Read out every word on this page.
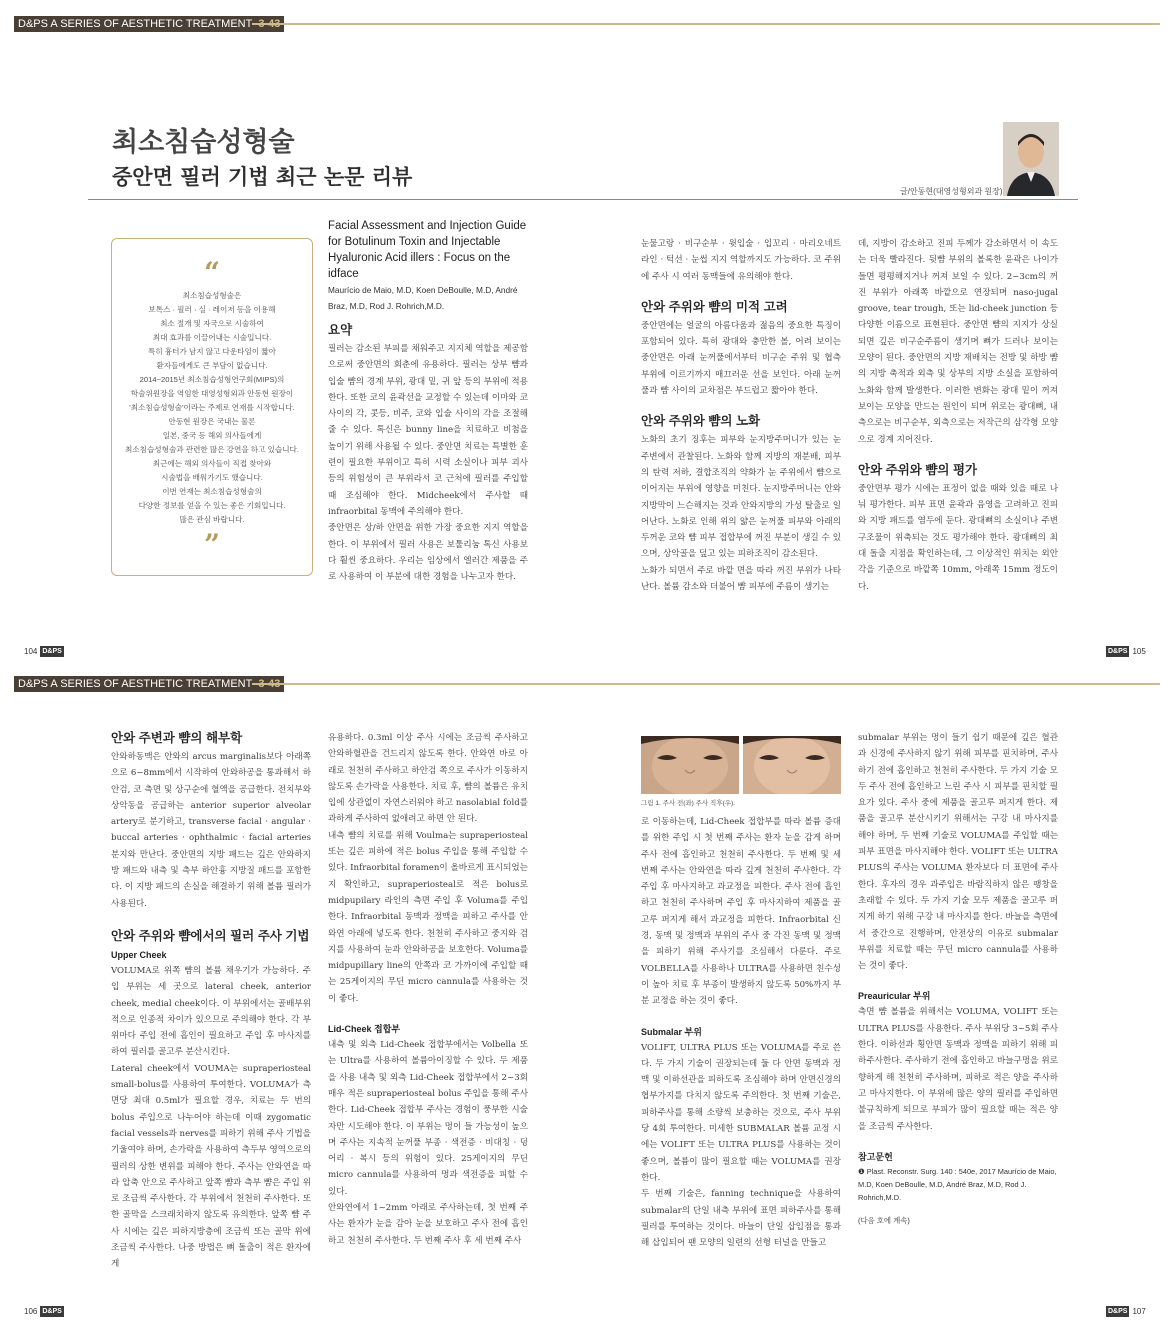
D&PS A SERIES OF AESTHETIC TREATMENT
최소침습성형술
중안면 필러 기법 최근 논문 리뷰
글/안동현(대영성형외과 원장)
“
최소침습성형술은
보톡스 · 필러 · 실 · 레이저 등을 이용해
최소 절개 및 자국으로 시술하여
최대 효과를 이끌어내는 시술입니다.
특히 흉터가 남지 않고 다운타임이 짧아
환자들에게도 큰 부담이 없습니다.
2014~2015년 최소침습성형연구회(MIPS)의
학술위원장을 역임한 대영성형외과 안동현 원장이
'최소침습성형술'이라는 주제로 연재를 시작합니다.
안동현 원장은 국내는 물론
일본, 중국 등 해외 의사들에게
최소침습성형술과 관련한 많은 강연을 하고 있습니다.
최근에는 해외 의사들이 직접 찾아와
시술법을 배워가기도 했습니다.
이번 연재는 최소침습성형술의
다양한 정보를 얻을 수 있는 좋은 기회입니다.
많은 관심 바랍니다.
”
Facial Assessment and Injection Guide for Botulinum Toxin and Injectable Hyaluronic Acid illers : Focus on the idface
Maurício de Maio, M.D, Koen DeBoulle, M.D, André Braz, M.D, Rod J. Rohrich,M.D.
요약
필러는 감소된 부피를 채워주고 지지체 역할을 제공함으로써 중안면의 회춘에 유용하다. 필러는 상부 뺨과 입술 뺨의 경계 부위, 광대 밑, 귀 앞 등의 부위에 적용한다. 또한 코의 윤곽선을 교정할 수 있는데 이마와 코 사이의 각, 콧등, 비주, 코와 입술 사이의 각을 조절해 줄 수 있다. 톡신은 bunny line을 치료하고 비첨을 높이기 위해 사용될 수 있다. 중안면 치료는 특별한 훈련이 필요한 부위이고 특히 시력 소실이나 피부 괴사 등의 위험성이 큰 부위라서 코 근처에 필러를 주입할 때 조심해야 한다. Midcheek에서 주사할 때 infraorbital 동맥에 주의해야 한다.
중안면은 상/하 안면을 위한 가장 중요한 지지 역할을 한다. 이 부위에서 필러 사용은 보툴리눔 톡신 사용보다 훨씬 중요하다. 우리는 임상에서 엘러간 제품을 주로 사용하여 이 부분에 대한 경험을 나누고자 한다.
눈물고랑 · 비구순부 · 윗입술 · 입꼬리 · 마리오네트 라인 · 턱선 · 눈썹 지지 역할까지도 가능하다. 코 주위에 주사 시 여러 동맥들에 유의해야 한다.
안와 주위와 뺨의 미적 고려
중안면에는 얼굴의 아름다움과 젊음의 중요한 특징이 포함되어 있다. 특히 광대와 충만한 볼, 어려 보이는 중안면은 아래 눈꺼풀에서부터 비구순 주위 및 협측 부위에 이르기까지 매끄러운 선을 보인다. 아래 눈꺼풀과 뺨 사이의 교차점은 부드럽고 짧아야 한다.
안와 주위와 뺨의 노화
노화의 초기 징후는 피부와 눈지방주머니가 있는 눈 주변에서 관찰된다. 노화와 함께 지방의 재분배, 피부의 탄력 저하, 결합조직의 약화가 눈 주위에서 뺨으로 이어지는 부위에 영향을 미친다. 눈지방주머니는 안와지방막이 느슨해지는 것과 안와지방의 가성 탈출로 일어난다. 노화로 인해 위의 얇은 눈꺼풀 피부와 아래의 두꺼운 코와 뺨 피부 접합부에 꺼진 부분이 생길 수 있으며, 상악골을 덮고 있는 피하조직이 감소된다.
노화가 되면서 주로 바깥 면을 따라 꺼진 부위가 나타난다. 볼륨 감소와 더불어 뺨 피부에 주름이 생기는
데, 지방이 감소하고 진피 두께가 감소하면서 이 속도는 더욱 빨라진다. 뒷뺨 부위의 볼록한 윤곽은 나이가 들면 평평해지거나 꺼져 보일 수 있다. 2~3cm의 꺼진 부위가 아래쪽 바깥으로 연장되며 naso-jugal groove, tear trough, 또는 lid-cheek junction 등 다양한 이름으로 표현된다. 중안면 뺨의 지지가 상실되면 깊은 비구순주름이 생기며 뼈가 드러나 보이는 모양이 된다. 중안면의 지방 재배치는 전방 및 하방 뺨의 지방 축적과 외측 및 상부의 지방 소실을 포함하여 노화와 함께 발생한다. 이러한 변화는 광대 밑이 꺼져 보이는 모양을 만드는 원인이 되며 위로는 광대뼈, 내측으로는 비구순부, 외측으로는 저작근의 삼각형 모양으로 경계 지어진다.
안와 주위와 뺨의 평가
중안면부 평가 시에는 표정이 없을 때와 있을 때로 나눠 평가한다. 피부 표면 윤곽과 음영을 고려하고 진피와 지방 패드를 염두에 둔다. 광대뼈의 소실이나 주변 구조물이 위축되는 것도 평가해야 한다. 광대뼈의 최대 돌출 지점을 확인하는데, 그 이상적인 위치는 외안각을 기준으로 바깥쪽 10mm, 아래쪽 15mm 정도이다.
104 D&PS	D&PS 105
D&PS A SERIES OF AESTHETIC TREATMENT
안와 주변과 뺨의 해부학
안와하동맥은 안와의 arcus marginalis보다 아래쪽으로 6~8mm에서 시작하여 안와하공을 통과해서 하안검, 코 측면 및 상구순에 혈액을 공급한다. 전치부와 상악동을 공급하는 anterior superior alveolar artery로 분기하고, transverse facial · angular · buccal arteries · ophthalmic · facial arteries 분지와 만난다. 중안면의 지방 패드는 깊은 안와하지방 패드와 내측 및 측부 하안흉 지방질 패드를 포함한다. 이 지방 패드의 손실을 해결하기 위해 볼륨 필러가 사용된다.
안와 주위와 뺨에서의 필러 주사 기법
Upper Cheek
VOLUMA로 위쪽 뺨의 볼륨 채우기가 가능하다. 주입 부위는 세 곳으로 lateral cheek, anterior cheek, medial cheek이다. 이 부위에서는 골배부위적으로 인종적 차이가 있으므로 주의해야 한다. 각 부위마다 주입 전에 흡인이 필요하고 주입 후 마사지를 하여 필러를 골고루 분산시킨다.
Lateral cheek에서 VOUMA는 supraperiosteal small-bolus를 사용하여 투여한다. VOLUMA가 측면당 최대 0.5ml가 필요할 경우, 치료는 두 번의 bolus 주입으로 나누어야 하는데 이때 zygomatic facial vessels과 nerves를 피하기 위해 주사 기법을 기울여야 하며, 손가락을 사용하여 측두부 영역으로의 필러의 상한 변위를 피해야 한다. 주사는 안와연을 따라 압축 안으로 주사하고 앞쪽 뺨과 측부 뺨은 주입 위로 조금씩 주사한다. 각 부위에서 천천히 주사한다. 또한 골막을 스크래치하지 않도록 유의한다. 앞쪽 뺨 주사 시에는 깊은 피하지방층에 조금씩 또는 골막 위에 조금씩 주사한다. 나중 방법은 뼈 돌출이 적은 환자에게
유용하다. 0.3ml 이상 주사 시에는 조금씩 주사하고 안와하혈관을 건드리지 않도록 한다. 안와연 바로 아래로 천천히 주사하고 하안검 쪽으로 주사가 이동하지 않도록 손가락을 사용한다. 치료 후, 뺨의 볼륨은 유치입에 상관없이 자연스러워야 하고 nasolabial fold를 과하게 주사하여 없애려고 하면 안 된다.
내측 뺨의 치료를 위해 Voulma는 supraperiosteal 또는 깊은 피하에 적은 bolus 주입을 통해 주입할 수 있다. Infraorbital foramen이 올바르게 표시되었는지 확인하고, supraperiosteal로 적은 bolus로 midpupilary 라인의 측면 주입 후 Voluma를 주입한다. Infraorbital 동맥과 정맥을 피하고 주사를 안와연 아래에 넣도록 한다. 천천히 주사하고 중지와 검지를 사용하여 눈과 안와하공을 보호한다. Voluma를 midpupillary line의 안쪽과 코 가까이에 주입할 때는 25게이지의 무딘 micro cannula를 사용하는 것이 좋다.
Lid-Cheek 접합부
내측 및 외측 Lid-Cheek 접합부에서는 Volbella 또는 Ultra를 사용하여 볼륨아이징할 수 있다. 두 제품을 사용 내측 및 외측 Lid-Cheek 접합부에서 2~3회 매우 적은 supraperiosteal bolus 주입을 통해 주사한다. Lid-Cheek 접합부 주사는 경험이 풍부한 시술자만 시도해야 한다. 이 부위는 멍이 들 가능성이 높으며 주사는 지속적 눈꺼풀 부종 · 색전증 · 비대칭 · 덩어리 · 복시 등의 위험이 있다. 25게이지의 무딘 micro cannula를 사용하여 멍과 색전증을 피할 수 있다.
안와연에서 1~2mm 아래로 주사하는데, 첫 번째 주사는 환자가 눈을 감아 눈을 보호하고 주사 전에 흡인하고 천천히 주사한다. 두 번째 주사 후 세 번째 주사
그림 1. 주사 전(좌) 주사 직후(우).
로 이동하는데, Lid-Cheek 접합부를 따라 볼륨 증대를 위한 주입 시 첫 번째 주사는 환자 눈을 감게 하며 주사 전에 흡인하고 천천히 주사한다. 두 번째 및 세 번째 주사는 안와연을 따라 깊게 천천히 주사한다. 각 주입 후 마사지하고 과교정을 피한다. 주사 전에 흡인하고 천천히 주사하며 주입 후 마사지하여 제품을 골고루 퍼지게 해서 과교정을 피한다. Infraorbital 신경, 동맥 및 정맥과 부위의 주사 중 각진 동맥 및 정맥을 피하기 위해 주사기를 조심해서 다룬다. 주로 VOLBELLA를 사용하나 ULTRA를 사용하면 친수성이 높아 치료 후 부종이 발생하지 않도록 50%까지 부분 교정을 하는 것이 좋다.
Submalar 부위
VOLIFT, ULTRA PLUS 또는 VOLUMA를 주로 쓴다. 두 가지 기술이 권장되는데 둘 다 안면 동맥과 정맥 및 이하선관을 피하도록 조심해야 하며 안면신경의 협부가지를 다치지 않도록 주의한다. 첫 번째 기술은, 피하주사를 통해 소량씩 보충하는 것으로, 주사 부위당 4회 투여한다. 미세한 SUBMALAR 볼륨 교정 시에는 VOLIFT 또는 ULTRA PLUS를 사용하는 것이 좋으며, 볼륨이 많이 필요할 때는 VOLUMA를 권장한다.
두 번째 기술은, fanning technique을 사용하여 submalar의 단일 내측 부위에 표면 피하주사를 통해 필러를 투여하는 것이다. 바늘이 단일 삽입점을 통과해 삽입되어 팬 모양의 일련의 선형 터널을 만들고
submalar 부위는 멍이 들기 쉽기 때문에 깊은 혈관과 신경에 주사하지 않기 위해 피부를 핀치하며, 주사하기 전에 흡인하고 천천히 주사한다. 두 가지 기술 모두 주사 전에 흡인하고 느린 주사 시 피부를 핀치할 필요가 있다. 주사 중에 제품을 골고루 퍼지게 한다. 제품을 골고루 분산시키기 위해서는 구강 내 마사지를 해야 하며, 두 번째 기술로 VOLUMA를 주입할 때는 피부 표면을 마사지해야 한다. VOLIFT 또는 ULTRA PLUS의 주사는 VOLUMA 환자보다 더 표면에 주사한다. 후자의 경우 과주입은 바람직하지 않은 팽창을 초래할 수 있다. 두 가지 기술 모두 제품을 골고루 퍼지게 하기 위해 구강 내 마사지를 한다. 바늘을 측면에서 중간으로 진행하며, 안전상의 이유로 submalar 부위를 치료할 때는 무딘 micro cannula를 사용하는 것이 좋다.
Preauricular 부위
측면 뺨 볼륨을 위해서는 VOLUMA, VOLIFT 또는 ULTRA PLUS를 사용한다. 주사 부위당 3~5회 주사한다. 이하선과 횡안면 동맥과 정맥을 피하기 위해 피하주사한다. 주사하기 전에 흡인하고 바늘구멍을 위로 향하게 해 천천히 주사하며, 피하로 적은 양을 주사하고 마사지한다. 이 부위에 많은 양의 필러를 주입하면 불규칙하게 되므로 부피가 많이 필요할 때는 적은 양을 조금씩 주사한다.
참고문헌
❶ Plast. Reconstr. Surg. 140 : 540e, 2017 Maurício de Maio, M.D, Koen DeBoulle, M.D, André Braz, M.D, Rod J. Rohrich,M.D.
(다음 호에 계속)
106 D&PS	D&PS 107
